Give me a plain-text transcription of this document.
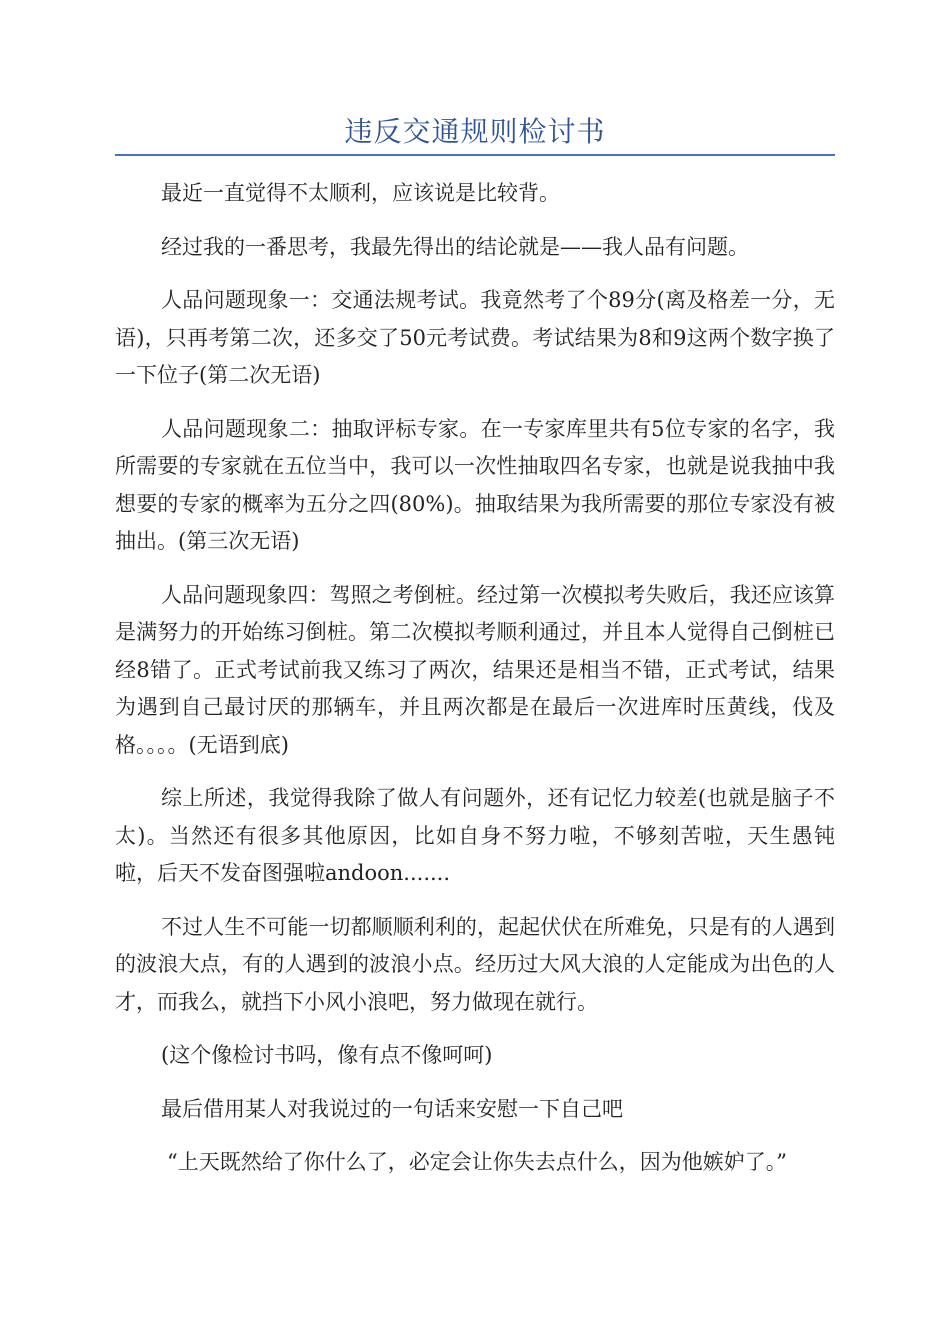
违反交通规则检讨书

最近一直觉得不太顺利，应该说是比较背。

经过我的一番思考，我最先得出的结论就是——我人品有问题。

人品问题现象一：交通法规考试。我竟然考了个89分(离及格差一分，无语)，只再考第二次，还多交了50元考试费。考试结果为8和9这两个数字换了一下位子(第二次无语)

人品问题现象二：抽取评标专家。在一专家库里共有5位专家的名字，我所需要的专家就在五位当中，我可以一次性抽取四名专家，也就是说我抽中我想要的专家的概率为五分之四(80%)。抽取结果为我所需要的那位专家没有被抽出。(第三次无语)

人品问题现象四：驾照之考倒桩。经过第一次模拟考失败后，我还应该算是满努力的开始练习倒桩。第二次模拟考顺利通过，并且本人觉得自己倒桩已经8错了。正式考试前我又练习了两次，结果还是相当不错，正式考试，结果为遇到自己最讨厌的那辆车，并且两次都是在最后一次进库时压黄线，伐及格。。。。(无语到底)

综上所述，我觉得我除了做人有问题外，还有记忆力较差(也就是脑子不太)。当然还有很多其他原因，比如自身不努力啦，不够刻苦啦，天生愚钝啦，后天不发奋图强啦andoon.......

不过人生不可能一切都顺顺利利的，起起伏伏在所难免，只是有的人遇到的波浪大点，有的人遇到的波浪小点。经历过大风大浪的人定能成为出色的人才，而我么，就挡下小风小浪吧，努力做现在就行。

(这个像检讨书吗，像有点不像呵呵)

最后借用某人对我说过的一句话来安慰一下自己吧

“上天既然给了你什么了，必定会让你失去点什么，因为他嫉妒了。”
